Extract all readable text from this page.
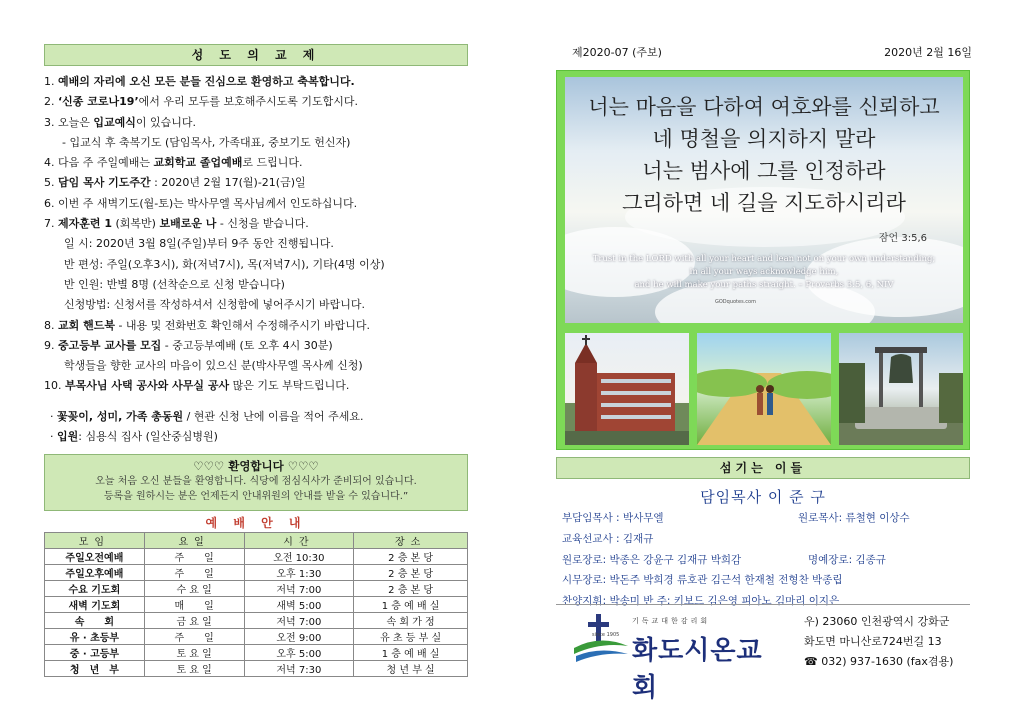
성 도 의 교 제
1. 예배의 자리에 오신 모든 분들 진심으로 환영하고 축복합니다.
2. ‘신종 코로나19’에서 우리 모두를 보호해주시도록 기도합시다.
3. 오늘은 입교예식이 있습니다.
- 입교식 후 축복기도 (담임목사, 가족대표, 중보기도 헌신자)
4. 다음 주 주일예배는 교회학교 졸업예배로 드립니다.
5. 담임 목사 기도주간 : 2020년 2월 17(월)-21(금)일
6. 이번 주 새벽기도(월-토)는 박사무엘 목사님께서 인도하십니다.
7. 제자훈련 1 (회복반) 보배로운 나 - 신청을 받습니다.
일 시: 2020년 3월 8일(주일)부터 9주 동안 진행됩니다.
반 편성: 주일(오후3시), 화(저녁7시), 목(저녁7시), 기타(4명 이상)
반 인원: 반별 8명 (선착순으로 신청 받습니다)
신청방법: 신청서를 작성하셔서 신청함에 넣어주시기 바랍니다.
8. 교회 핸드북 - 내용 및 전화번호 확인해서 수정해주시기 바랍니다.
9. 중고등부 교사를 모집 - 중고등부예배 (토 오후 4시 30분)
학생들을 향한 교사의 마음이 있으신 분(박사무엘 목사께 신청)
10. 부목사님 사택 공사와 사무실 공사 많은 기도 부탁드립니다.
· 꽃꽂이, 성미, 가족 총동원 / 현관 신청 난에 이름을 적어 주세요.
· 입원: 심용식 집사 (일산중심병원)
♡♡♡ 환영합니다 ♡♡♡
오늘 처음 오신 분들을 환영합니다. 식당에 점심식사가 준비되어 있습니다.
등록을 원하시는 분은 언제든지 안내위원의 안내를 받을 수 있습니다.”
예 배 안 내
모임	요일	시간	장소
주일오전예배	주　　일	오전 10:30	2 층 본 당
주일오후예배	주　　일	오후 1:30	2 층 본 당
수요 기도회	수 요 일	저녁 7:00	2 층 본 당
새벽 기도회	매　　일	새벽 5:00	1 층 예 배 실
속　　회	금 요 일	저녁 7:00	속 회 가 정
유 · 초등부	주　　일	오전 9:00	유 초 등 부 실
중 · 고등부	토 요 일	오후 5:00	1 층 예 배 실
청　년　부	토 요 일	저녁 7:30	청 년 부 실
제2020-07 (주보)	2020년 2월 16일
너는 마음을 다하여 여호와를 신뢰하고
네 명철을 의지하지 말라
너는 범사에 그를 인정하라
그리하면 네 길을 지도하시리라
잠언 3:5,6
Trust in the LORD with all your heart and lean not on your own understanding;
in all your ways acknowledge him,
and he will make your paths straight. – Proverbs 3:5, 6, NIV
GODquotes.com
섬기는 이들
담임목사 이 준 구
부담임목사 : 박사무엘	원로목사: 류철현 이상수
교육선교사 : 김재규
원로장로: 박종은 강윤구 김재규 박희감	명예장로: 김종규
시무장로: 박돈주 박희경 류호관 김근석 한재철 전형찬 박종립
찬양지휘: 박송미 반 주: 키보드 김은영 피아노 김마리 이지은
since 1905
기독교대한감리회
화도시온교회
우) 23060 인천광역시 강화군
화도면 마니산로724번길 13
☎ 032) 937-1630 (fax겸용)
